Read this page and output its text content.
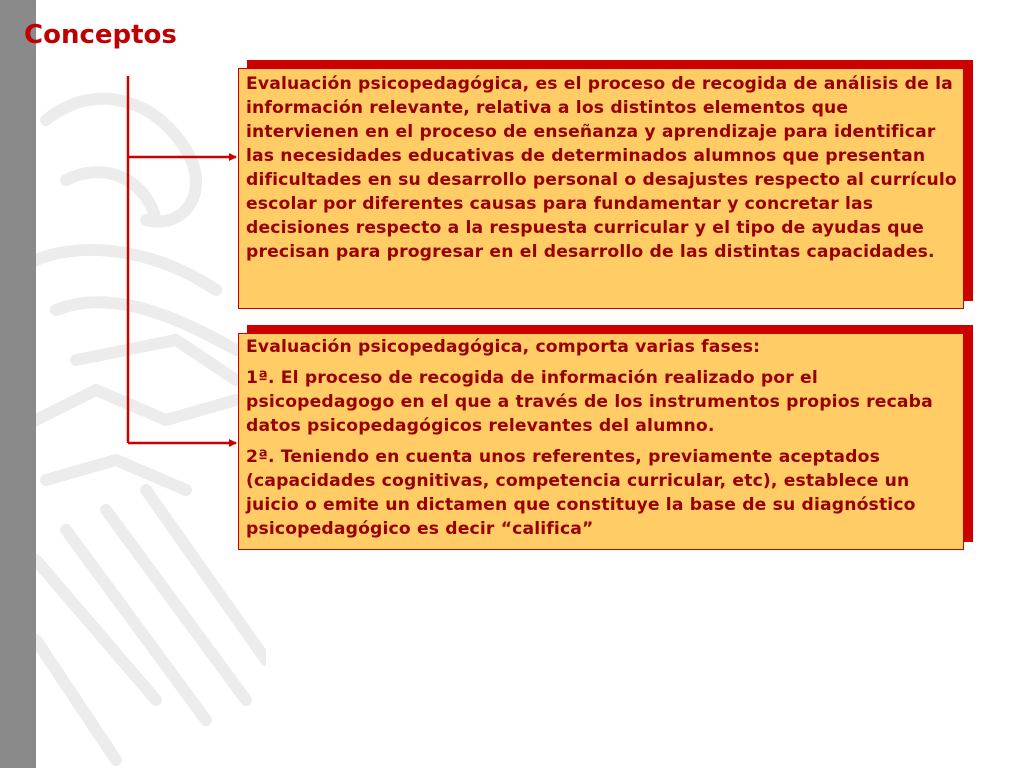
Conceptos

Evaluación psicopedagógica, es el proceso de recogida de análisis de la información relevante, relativa a los distintos elementos que intervienen en el proceso de enseñanza y aprendizaje para identificar las necesidades educativas de determinados alumnos que presentan dificultades en su desarrollo personal o desajustes respecto al currículo escolar por diferentes causas para fundamentar y concretar las decisiones respecto a la respuesta curricular y el tipo de ayudas que precisan para progresar en el desarrollo de las distintas capacidades.

Evaluación psicopedagógica, comporta varias fases:

1ª. El proceso de recogida de información realizado por el psicopedagogo en el que a través de los instrumentos propios recaba datos psicopedagógicos relevantes del alumno.

2ª. Teniendo en cuenta unos referentes, previamente aceptados (capacidades cognitivas, competencia curricular, etc), establece un juicio o emite un dictamen que constituye la base de su diagnóstico psicopedagógico es decir “califica”
